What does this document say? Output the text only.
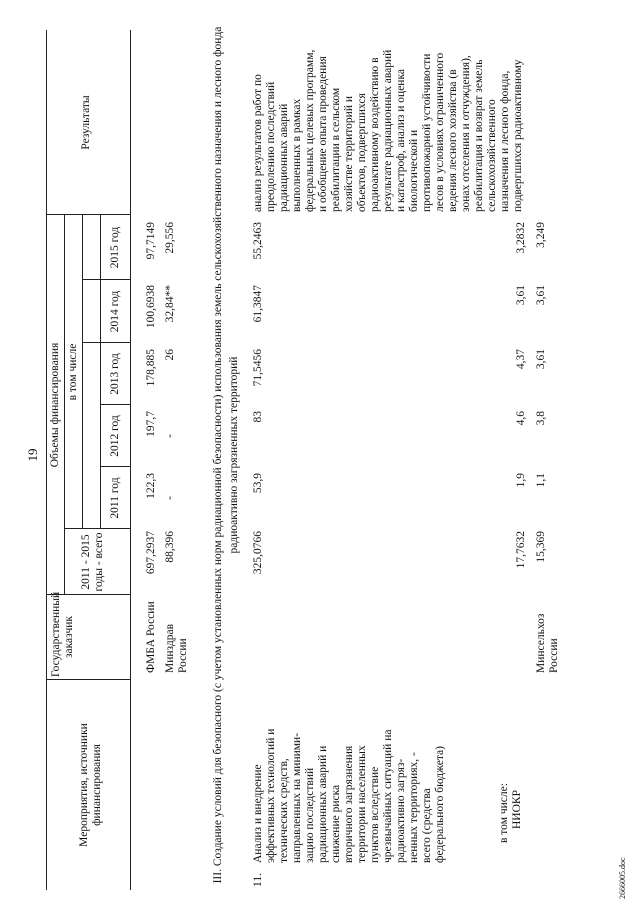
19
Мероприятия, источники финансирования
Государственный заказчик
Объемы финансирования
2011 - 2015 годы - всего
в том числе
2011 год
2012 год
2013 год
2014 год
2015 год
Результаты
ФМБА России
697,2937
122,3
197,7
178,885
100,6938
97,7149
Минздрав России
88,396
-
-
26
32,84**
29,556	III. Создание условий для безопасного (с учетом установленных норм радиационной безопасности) использования земель сельскохозяйственного назначения и лесного фонда радиоактивно загрязненных территорий
11.
Анализ и внедрение эффективных технологий и технических средств, направленных на миними- зацию последствий радиационных аварий и снижение риска вторичного загрязнения территории населенных пунктов вследствие чрезвычайных ситуаций на радиоактивно загряз- ненных территориях, - всего (средства федерального бюджета)
325,0766
53,9
83
71,5456
61,3847
55,2463
анализ результатов работ по преодолению последствий радиационных аварий выполненных в рамках федеральных целевых программ, и обобщение опыта проведения реабилитации в сельском хозяйстве территорий и объектов, подвергшихся радиоактивному воздействию в результате радиационных аварий и катастроф, анализ и оценка биологической и противопожарной устойчивости лесов в условиях ограниченного ведения лесного хозяйства (в зонах отселения и отчуждения), реабилитация и возврат земель сельскохозяйственного назначения и лесного фонда, подвергшихся радиоактивному
в том числе: НИОКР
17,7632
1,9
4,6
4,37
3,61
3,2832
Минсельхоз России
15,369
1,1
3,8
3,61
3,61
3,249
2666005.doc
